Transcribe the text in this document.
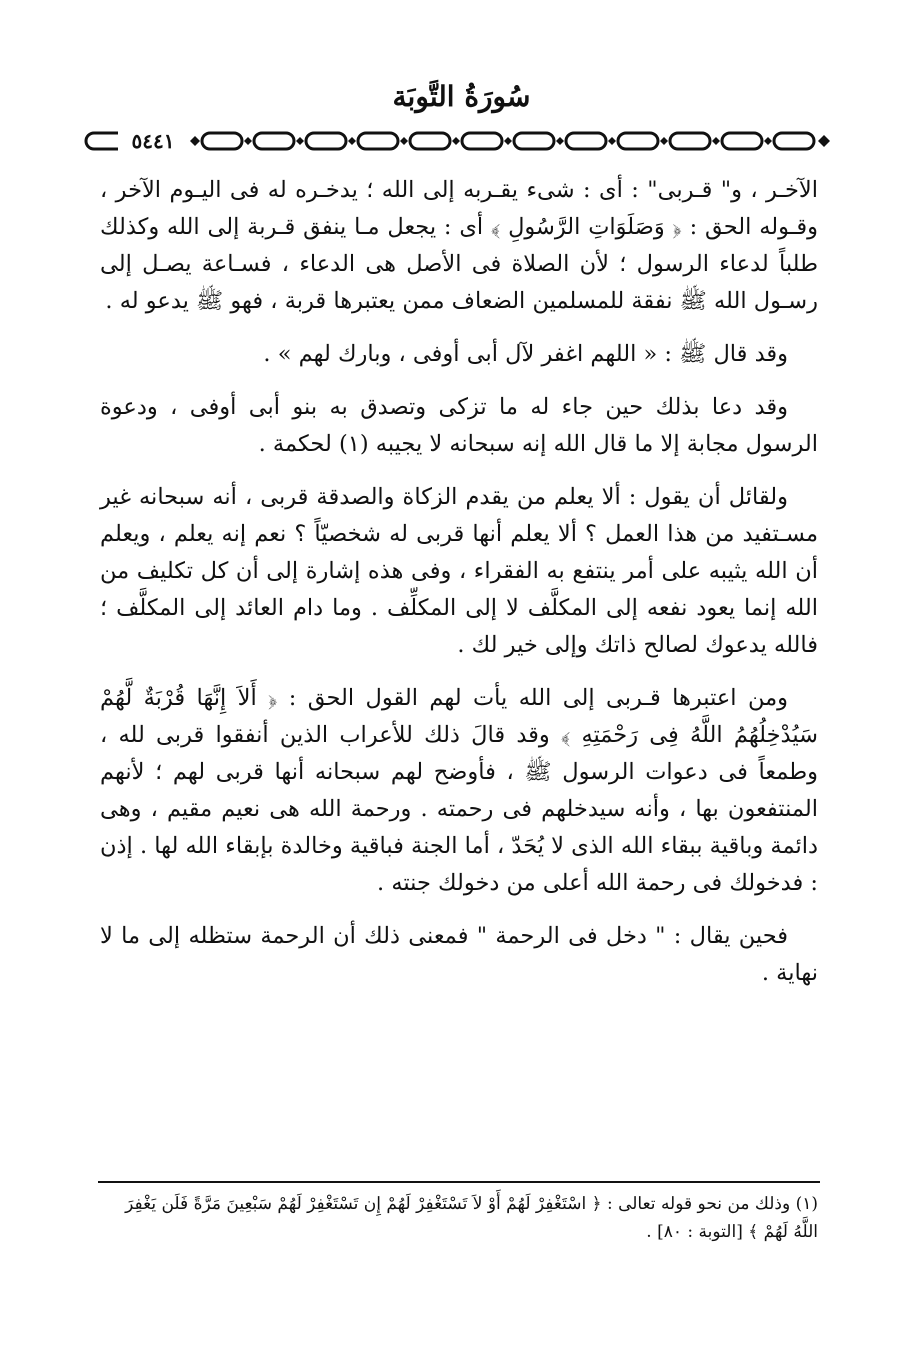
سُورَةُ التَّوبَة
٥٤٤١

الآخـر ، و" قـربى" : أى : شىء يقـربه إلى الله ؛ يدخـره له فى اليـوم الآخر ، وقـوله الحق : ﴿ وَصَلَوَاتِ الرَّسُولِ ﴾ أى : يجعل مـا ينفق قـربة إلى الله وكذلك طلباً لدعاء الرسول ؛ لأن الصلاة فى الأصل هى الدعاء ، فسـاعة يصـل إلى رسـول الله ﷺ نفقة للمسلمين الضعاف ممن يعتبرها قربة ، فهو ﷺ يدعو له .

وقد قال ﷺ : « اللهم اغفر لآل أبى أوفى ، وبارك لهم » .

وقد دعا بذلك حين جاء له ما تزكى وتصدق به بنو أبى أوفى ، ودعوة الرسول مجابة إلا ما قال الله إنه سبحانه لا يجيبه (١) لحكمة .

ولقائل أن يقول : ألا يعلم من يقدم الزكاة والصدقة قربى ، أنه سبحانه غير مسـتفيد من هذا العمل ؟ ألا يعلم أنها قربى له شخصيّاً ؟ نعم إنه يعلم ، ويعلم أن الله يثيبه على أمر ينتفع به الفقراء ، وفى هذه إشارة إلى أن كل تكليف من الله إنما يعود نفعه إلى المكلَّف لا إلى المكلِّف . وما دام العائد إلى المكلَّف ؛ فالله يدعوك لصالح ذاتك وإلى خير لك .

ومن اعتبرها قـربى إلى الله يأت لهم القول الحق : ﴿ أَلاَ إِنَّهَا قُرْبَةٌ لَّهُمْ سَيُدْخِلُهُمُ اللَّهُ فِى رَحْمَتِهِ ﴾ وقد قالَ ذلك للأعراب الذين أنفقوا قربى لله ، وطمعاً فى دعوات الرسول ﷺ ، فأوضح لهم سبحانه أنها قربى لهم ؛ لأنهم المنتفعون بها ، وأنه سيدخلهم فى رحمته . ورحمة الله هى نعيم مقيم ، وهى دائمة وباقية ببقاء الله الذى لا يُحَدّ ، أما الجنة فباقية وخالدة بإبقاء الله لها . إذن : فدخولك فى رحمة الله أعلى من دخولك جنته .

فحين يقال : " دخل فى الرحمة " فمعنى ذلك أن الرحمة ستظله إلى ما لا نهاية .

(١) وذلك من نحو قوله تعالى : ﴿ اسْتَغْفِرْ لَهُمْ أَوْ لاَ تَسْتَغْفِرْ لَهُمْ إِن تَسْتَغْفِرْ لَهُمْ سَبْعِينَ مَرَّةً فَلَن يَغْفِرَ اللَّهُ لَهُمْ ﴾ [التوبة : ٨٠] .
